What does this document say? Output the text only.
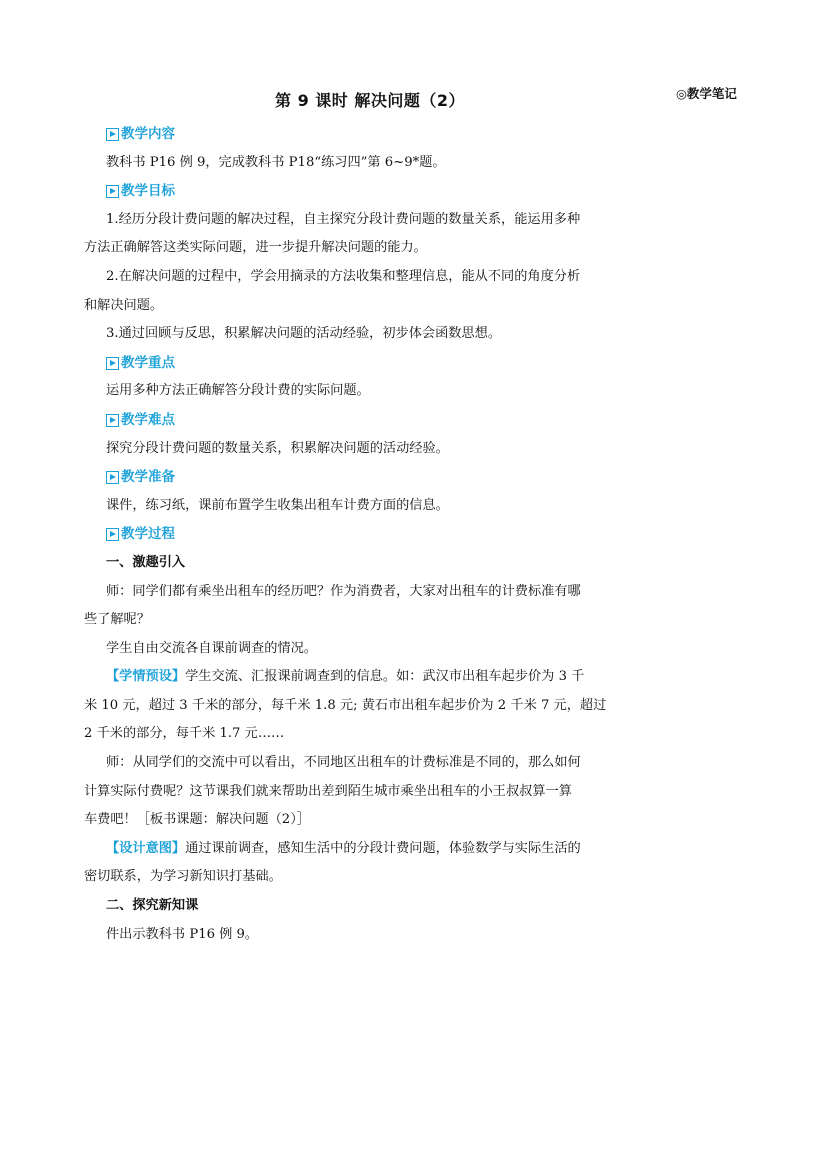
第 9 课时 解决问题（2）	◎教学笔记
教学内容
教科书 P16 例 9，完成教科书 P18“练习四”第 6~9*题。
教学目标
1.经历分段计费问题的解决过程，自主探究分段计费问题的数量关系，能运用多种
方法正确解答这类实际问题，进一步提升解决问题的能力。
2.在解决问题的过程中，学会用摘录的方法收集和整理信息，能从不同的角度分析
和解决问题。
3.通过回顾与反思，积累解决问题的活动经验，初步体会函数思想。
教学重点
运用多种方法正确解答分段计费的实际问题。
教学难点
探究分段计费问题的数量关系，积累解决问题的活动经验。
教学准备
课件，练习纸，课前布置学生收集出租车计费方面的信息。
教学过程
一、激趣引入
师：同学们都有乘坐出租车的经历吧？作为消费者，大家对出租车的计费标准有哪
些了解呢？
学生自由交流各自课前调查的情况。
【学情预设】学生交流、汇报课前调查到的信息。如：武汉市出租车起步价为 3 千
米 10 元，超过 3 千米的部分，每千米 1.8 元; 黄石市出租车起步价为 2 千米 7 元，超过
2 千米的部分，每千米 1.7 元……
师：从同学们的交流中可以看出，不同地区出租车的计费标准是不同的，那么如何
计算实际付费呢？这节课我们就来帮助出差到陌生城市乘坐出租车的小王叔叔算一算
车费吧！［板书课题：解决问题（2）］
【设计意图】通过课前调查，感知生活中的分段计费问题，体验数学与实际生活的
密切联系，为学习新知识打基础。
二、探究新知课
件出示教科书 P16 例 9。
